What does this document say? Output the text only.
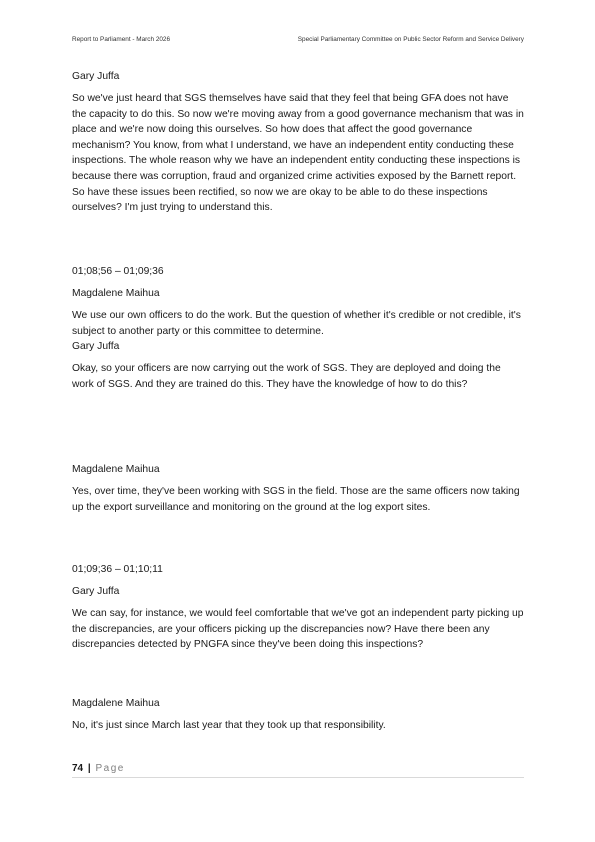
Report to Parliament - March 2026	Special Parliamentary Committee on Public Sector Reform and Service Delivery

Gary Juffa

So we've just heard that SGS themselves have said that they feel that being GFA does not have the capacity to do this. So now we're moving away from a good governance mechanism that was in place and we're now doing this ourselves. So how does that affect the good governance mechanism? You know, from what I understand, we have an independent entity conducting these inspections. The whole reason why we have an independent entity conducting these inspections is because there was corruption, fraud and organized crime activities exposed by the Barnett report. So have these issues been rectified, so now we are okay to be able to do these inspections ourselves? I'm just trying to understand this.

01;08;56 – 01;09;36

Magdalene Maihua

We use our own officers to do the work. But the question of whether it's credible or not credible, it's subject to another party or this committee to determine.

Gary Juffa

Okay, so your officers are now carrying out the work of SGS. They are deployed and doing the work of SGS. And they are trained do this. They have the knowledge of how to do this?

Magdalene Maihua

Yes, over time, they've been working with SGS in the field. Those are the same officers now taking up the export surveillance and monitoring on the ground at the log export sites.

01;09;36 – 01;10;11

Gary Juffa

We can say, for instance, we would feel comfortable that we've got an independent party picking up the discrepancies, are your officers picking up the discrepancies now? Have there been any discrepancies detected by PNGFA since they've been doing this inspections?

Magdalene Maihua

No, it's just since March last year that they took up that responsibility.

74 | Page
